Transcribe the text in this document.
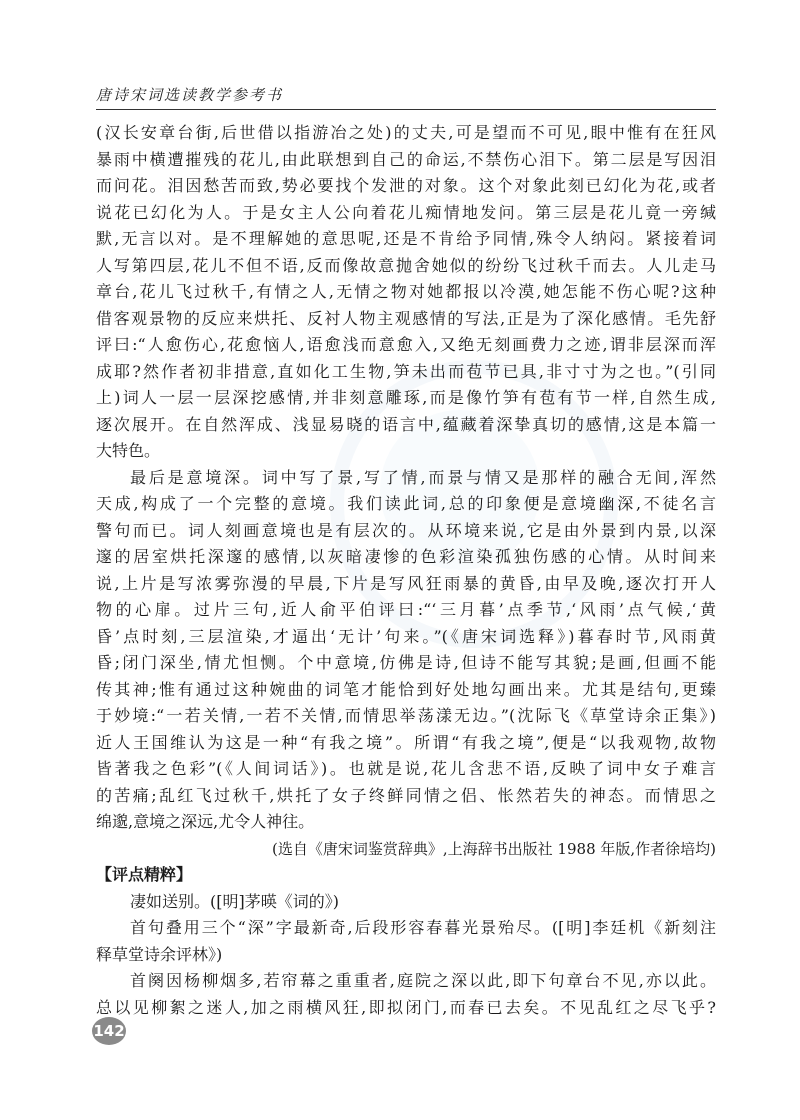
唐诗宋词选读教学参考书
(汉长安章台街,后世借以指游冶之处)的丈夫,可是望而不可见,眼中惟有在狂风
暴雨中横遭摧残的花儿,由此联想到自己的命运,不禁伤心泪下。第二层是写因泪
而问花。泪因愁苦而致,势必要找个发泄的对象。这个对象此刻已幻化为花,或者
说花已幻化为人。于是女主人公向着花儿痴情地发问。第三层是花儿竟一旁缄
默,无言以对。是不理解她的意思呢,还是不肯给予同情,殊令人纳闷。紧接着词
人写第四层,花儿不但不语,反而像故意抛舍她似的纷纷飞过秋千而去。人儿走马
章台,花儿飞过秋千,有情之人,无情之物对她都报以冷漠,她怎能不伤心呢?这种
借客观景物的反应来烘托、反衬人物主观感情的写法,正是为了深化感情。毛先舒
评曰:“人愈伤心,花愈恼人,语愈浅而意愈入,又绝无刻画费力之迹,谓非层深而浑
成耶?然作者初非措意,直如化工生物,笋未出而苞节已具,非寸寸为之也。”(引同
上)词人一层一层深挖感情,并非刻意雕琢,而是像竹笋有苞有节一样,自然生成,
逐次展开。在自然浑成、浅显易晓的语言中,蕴藏着深挚真切的感情,这是本篇一
大特色。
最后是意境深。词中写了景,写了情,而景与情又是那样的融合无间,浑然
天成,构成了一个完整的意境。我们读此词,总的印象便是意境幽深,不徒名言
警句而已。词人刻画意境也是有层次的。从环境来说,它是由外景到内景,以深
邃的居室烘托深邃的感情,以灰暗凄惨的色彩渲染孤独伤感的心情。从时间来
说,上片是写浓雾弥漫的早晨,下片是写风狂雨暴的黄昏,由早及晚,逐次打开人
物的心扉。过片三句,近人俞平伯评曰:“‘三月暮’点季节,‘风雨’点气候,‘黄
昏’点时刻,三层渲染,才逼出‘无计’句来。”(《唐宋词选释》)暮春时节,风雨黄
昏;闭门深坐,情尤怛恻。个中意境,仿佛是诗,但诗不能写其貌;是画,但画不能
传其神;惟有通过这种婉曲的词笔才能恰到好处地勾画出来。尤其是结句,更臻
于妙境:“一若关情,一若不关情,而情思举荡漾无边。”(沈际飞《草堂诗余正集》)
近人王国维认为这是一种“有我之境”。所谓“有我之境”,便是“以我观物,故物
皆著我之色彩”(《人间词话》)。也就是说,花儿含悲不语,反映了词中女子难言
的苦痛;乱红飞过秋千,烘托了女子终鲜同情之侣、怅然若失的神态。而情思之
绵邈,意境之深远,尤令人神往。
(选自《唐宋词鉴赏辞典》,上海辞书出版社 1988 年版,作者徐培均)
【评点精粹】
凄如送别。([明]茅暎《词的》)
首句叠用三个“深”字最新奇,后段形容春暮光景殆尽。([明]李廷机《新刻注
释草堂诗余评林》)
首阕因杨柳烟多,若帘幕之重重者,庭院之深以此,即下句章台不见,亦以此。
总以见柳絮之迷人,加之雨横风狂,即拟闭门,而春已去矣。不见乱红之尽飞乎?
142
